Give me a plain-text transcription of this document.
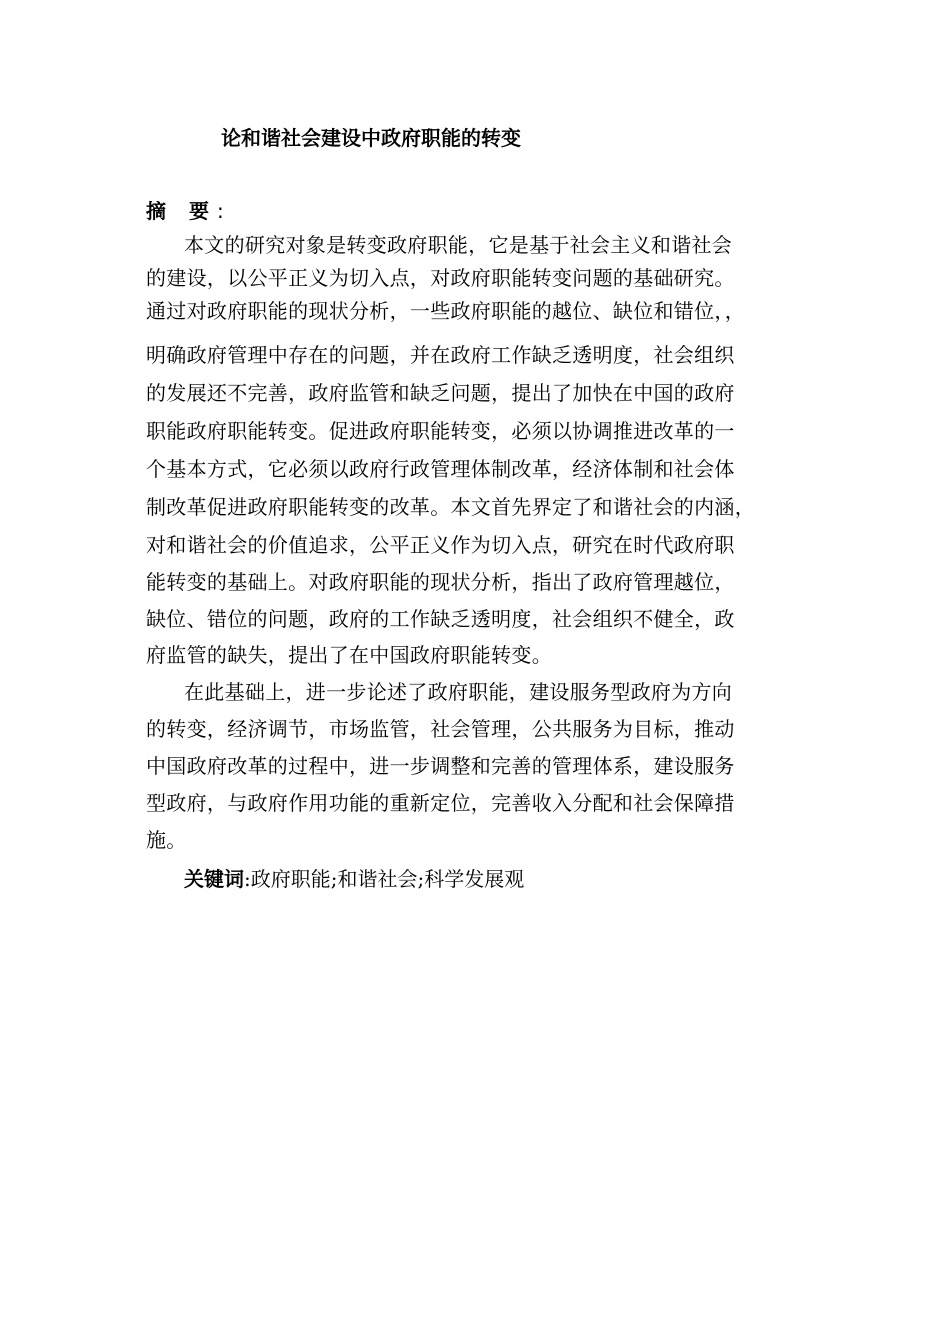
论和谐社会建设中政府职能的转变
摘 要:
本文的研究对象是转变政府职能，它是基于社会主义和谐社会
的建设，以公平正义为切入点，对政府职能转变问题的基础研究。
通过对政府职能的现状分析，一些政府职能的越位、缺位和错位，，
明确政府管理中存在的问题，并在政府工作缺乏透明度，社会组织
的发展还不完善，政府监管和缺乏问题，提出了加快在中国的政府
职能政府职能转变。促进政府职能转变，必须以协调推进改革的一
个基本方式，它必须以政府行政管理体制改革，经济体制和社会体
制改革促进政府职能转变的改革。本文首先界定了和谐社会的内涵，
对和谐社会的价值追求，公平正义作为切入点，研究在时代政府职
能转变的基础上。对政府职能的现状分析，指出了政府管理越位，
缺位、错位的问题，政府的工作缺乏透明度，社会组织不健全，政
府监管的缺失，提出了在中国政府职能转变。
在此基础上，进一步论述了政府职能，建设服务型政府为方向
的转变，经济调节，市场监管，社会管理，公共服务为目标，推动
中国政府改革的过程中，进一步调整和完善的管理体系，建设服务
型政府，与政府作用功能的重新定位，完善收入分配和社会保障措
施。
关键词:政府职能;和谐社会;科学发展观
